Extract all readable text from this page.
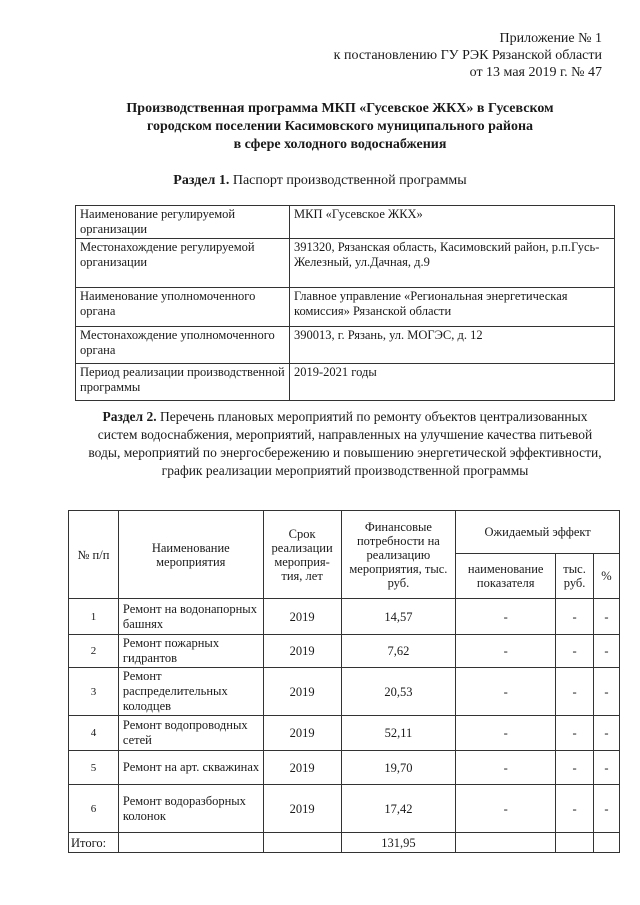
Приложение № 1
к постановлению ГУ РЭК Рязанской области
от 13 мая 2019 г. № 47
Производственная программа МКП «Гусевское ЖКХ» в Гусевском
городском поселении Касимовского муниципального района
в сфере холодного водоснабжения
Раздел 1. Паспорт производственной программы
Наименование регулируемой организации	МКП «Гусевское ЖКХ»
Местонахождение регулируемой организации	391320, Рязанская область, Касимовский район, р.п.Гусь-Железный, ул.Дачная, д.9
Наименование уполномоченного органа	Главное управление «Региональная энергетическая комиссия» Рязанской области
Местонахождение уполномоченного органа	390013, г. Рязань, ул. МОГЭС, д. 12
Период реализации производственной программы	2019-2021 годы
Раздел 2. Перечень плановых мероприятий по ремонту объектов централизованных систем водоснабжения, мероприятий, направленных на улучшение качества питьевой воды, мероприятий по энергосбережению и повышению энергетической эффективности, график реализации мероприятий производственной программы
№ п/п	Наименование мероприятия	Срок реализации мероприя-тия, лет	Финансовые потребности на реализацию мероприятия, тыс. руб.	Ожидаемый эффект		
				наименование показателя	тыс. руб.	%
1	Ремонт на водонапорных башнях	2019	14,57	-	-	-
2	Ремонт пожарных гидрантов	2019	7,62	-	-	-
3	Ремонт распределительных колодцев	2019	20,53	-	-	-
4	Ремонт водопроводных сетей	2019	52,11	-	-	-
5	Ремонт на арт. скважинах	2019	19,70	-	-	-
6	Ремонт водоразборных колонок	2019	17,42	-	-	-
Итого:			131,95			
